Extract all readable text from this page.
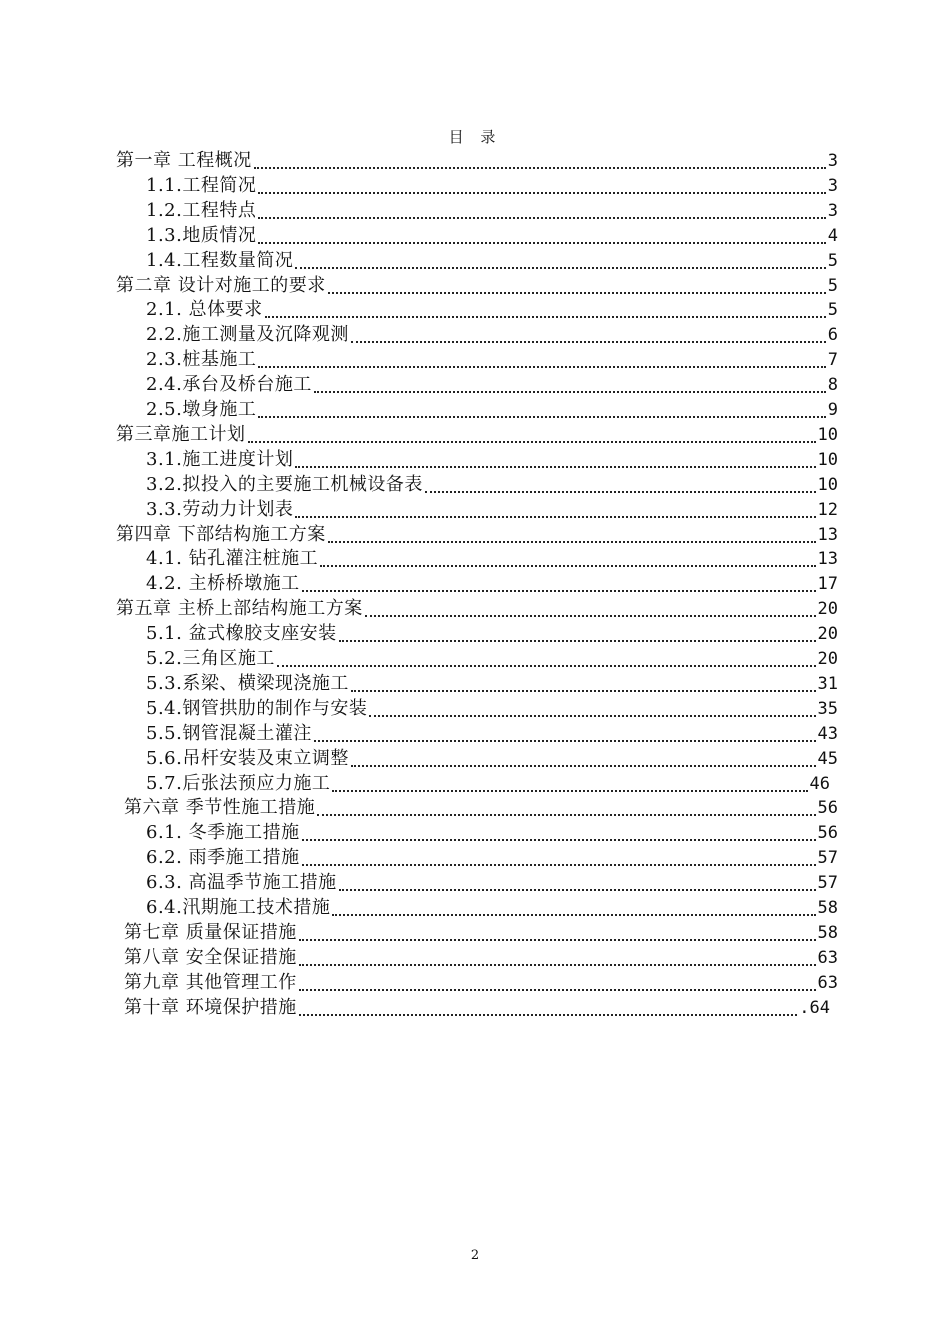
目 录
第一章 工程概况	3
1.1.工程简况	3
1.2.工程特点	3
1.3.地质情况	4
1.4.工程数量简况	5
第二章 设计对施工的要求	5
2.1. 总体要求	5
2.2.施工测量及沉降观测	6
2.3.桩基施工	7
2.4.承台及桥台施工	8
2.5.墩身施工	9
第三章施工计划	10
3.1.施工进度计划	10
3.2.拟投入的主要施工机械设备表	10
3.3.劳动力计划表	12
第四章 下部结构施工方案	13
4.1. 钻孔灌注桩施工	13
4.2. 主桥桥墩施工	17
第五章 主桥上部结构施工方案	20
5.1. 盆式橡胶支座安装	20
5.2.三角区施工	20
5.3.系梁、横梁现浇施工	31
5.4.钢管拱肋的制作与安装	35
5.5.钢管混凝土灌注	43
5.6.吊杆安装及束立调整	45
5.7.后张法预应力施工	46
第六章 季节性施工措施	56
6.1. 冬季施工措施	56
6.2. 雨季施工措施	57
6.3. 高温季节施工措施	57
6.4.汛期施工技术措施	58
第七章 质量保证措施	58
第八章 安全保证措施	63
第九章 其他管理工作	63
第十章 环境保护措施	.64
2
